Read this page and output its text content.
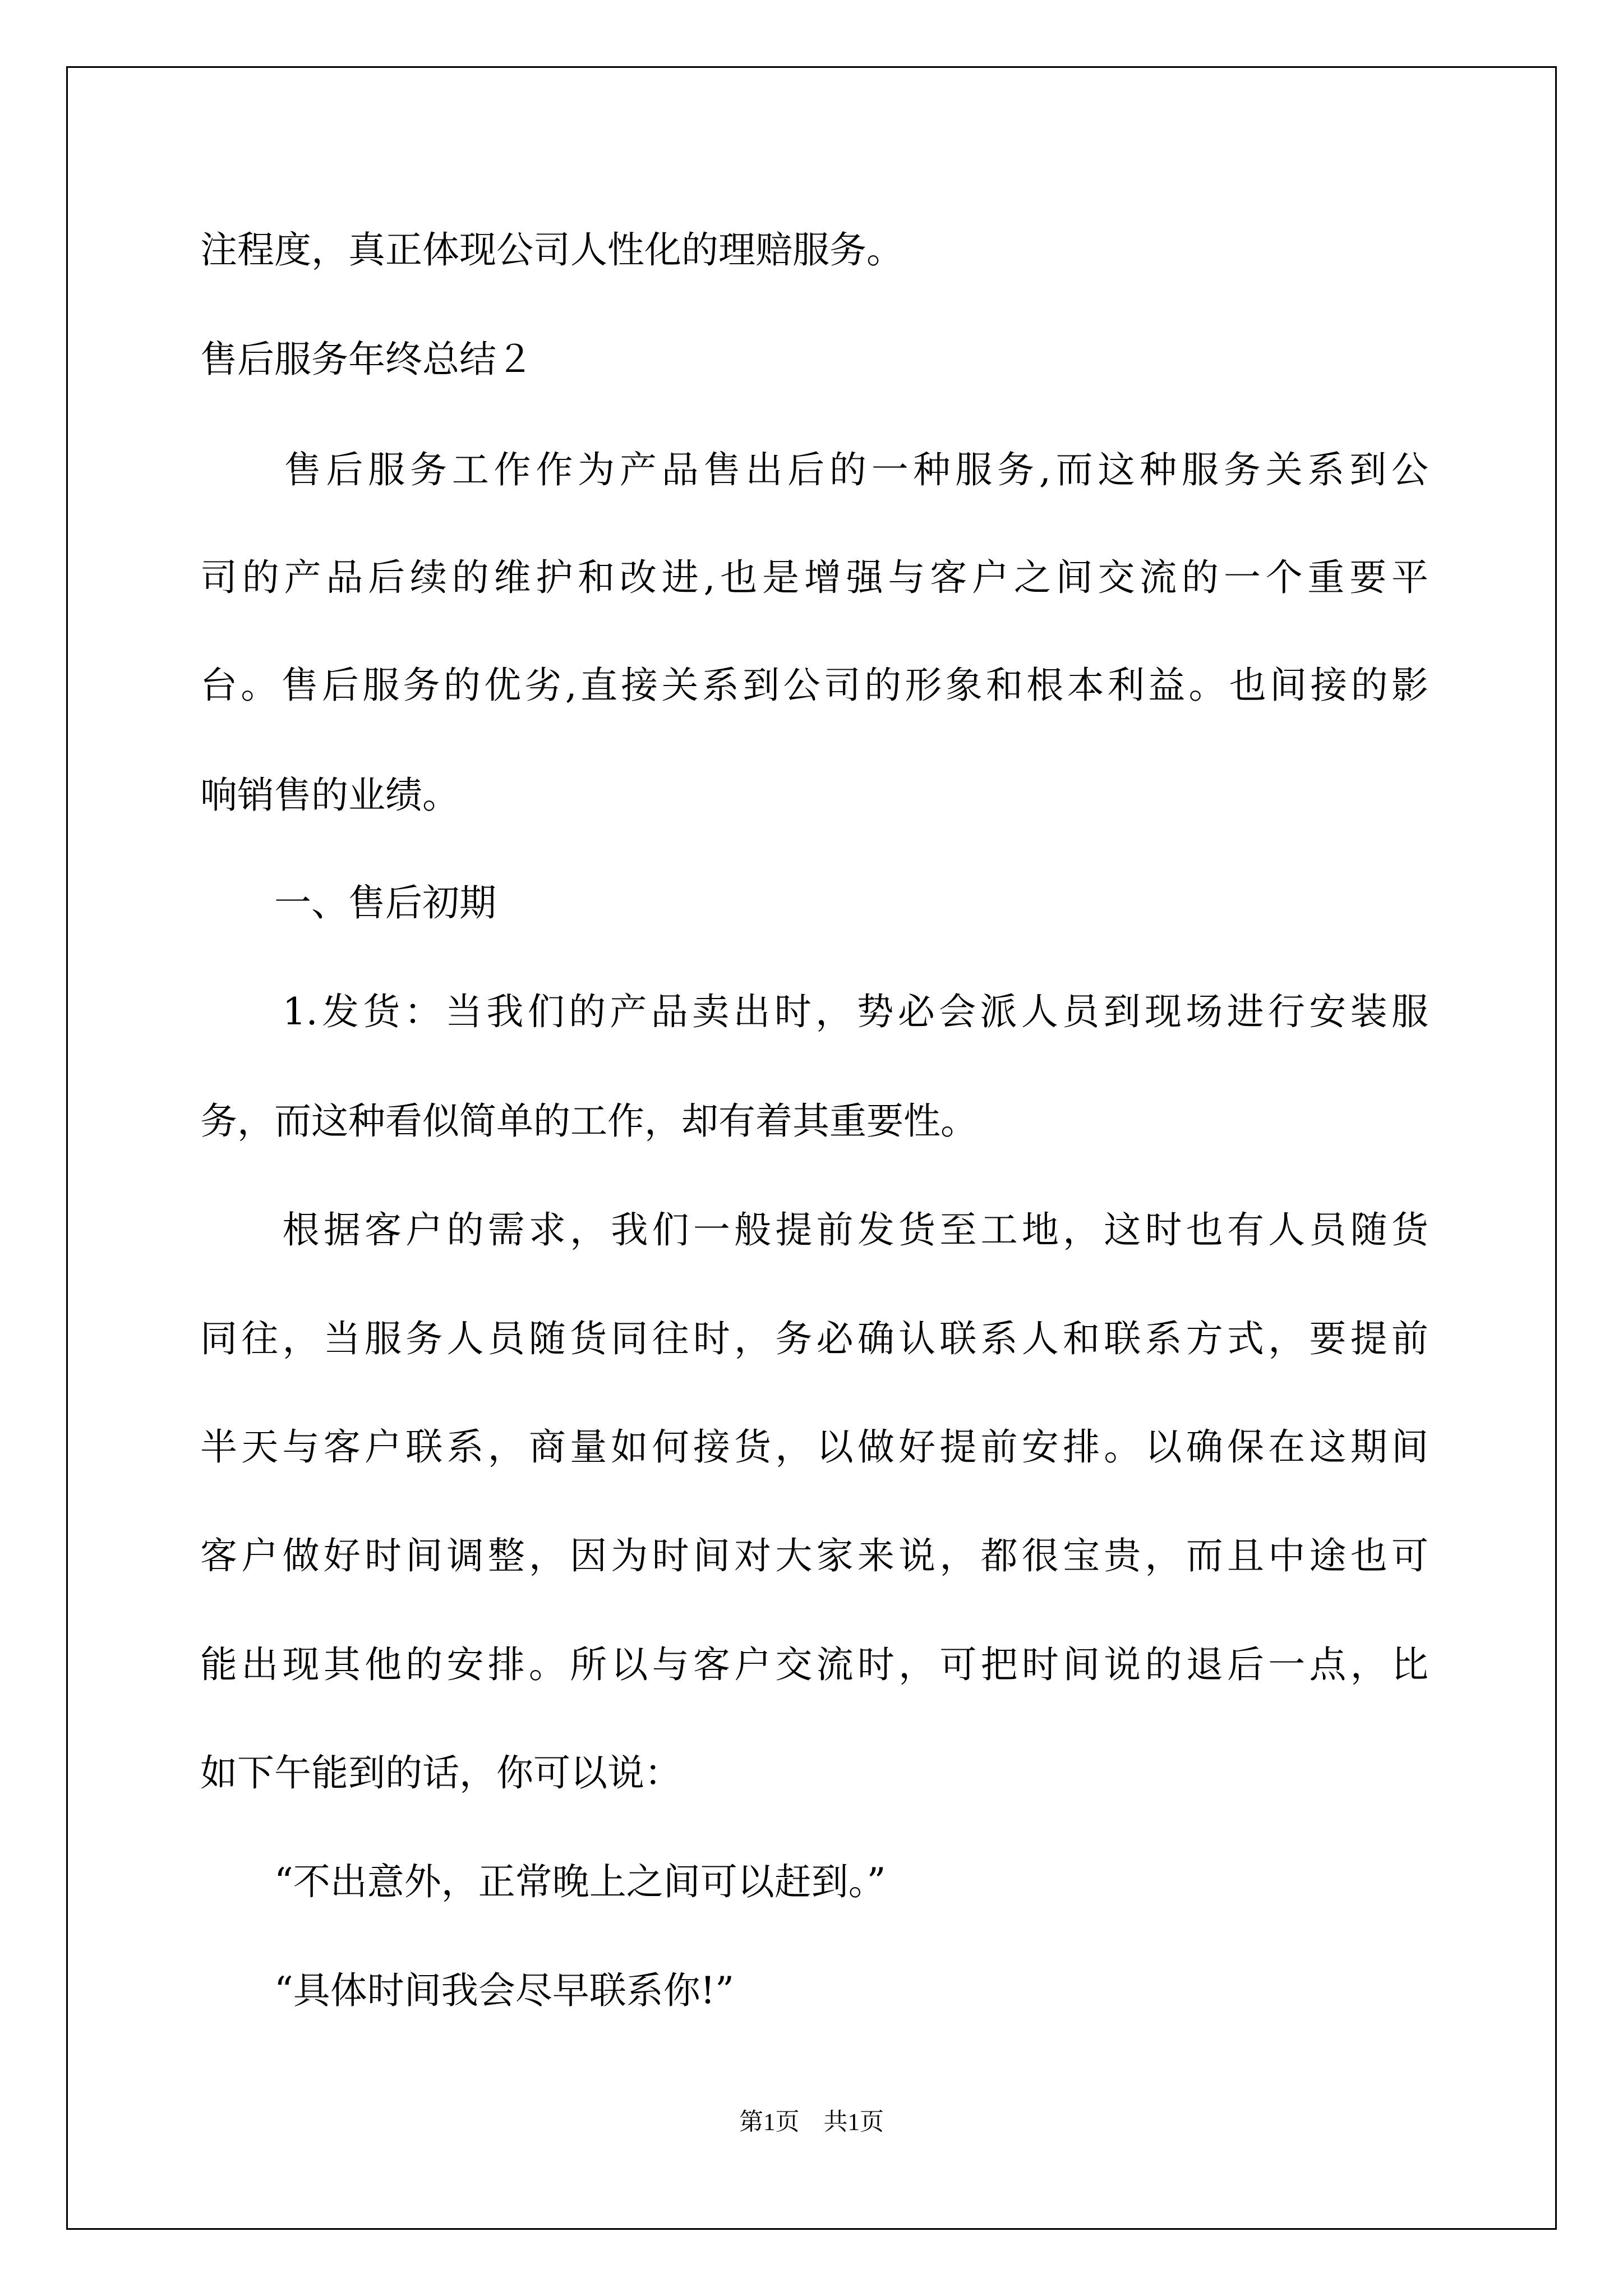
注程度，真正体现公司人性化的理赔服务。
售后服务年终总结２
　　售后服务工作作为产品售出后的一种服务,而这种服务关系到公
司的产品后续的维护和改进,也是增强与客户之间交流的一个重要平
台。售后服务的优劣,直接关系到公司的形象和根本利益。也间接的影
响销售的业绩。
　　一、售后初期
　　1.发货：当我们的产品卖出时，势必会派人员到现场进行安装服
务，而这种看似简单的工作，却有着其重要性。
　　根据客户的需求，我们一般提前发货至工地，这时也有人员随货
同往，当服务人员随货同往时，务必确认联系人和联系方式，要提前
半天与客户联系，商量如何接货，以做好提前安排。以确保在这期间
客户做好时间调整，因为时间对大家来说，都很宝贵，而且中途也可
能出现其他的安排。所以与客户交流时，可把时间说的退后一点，比
如下午能到的话，你可以说：
　　“不出意外，正常晚上之间可以赶到。”
　　“具体时间我会尽早联系你!”
第1页　共1页
